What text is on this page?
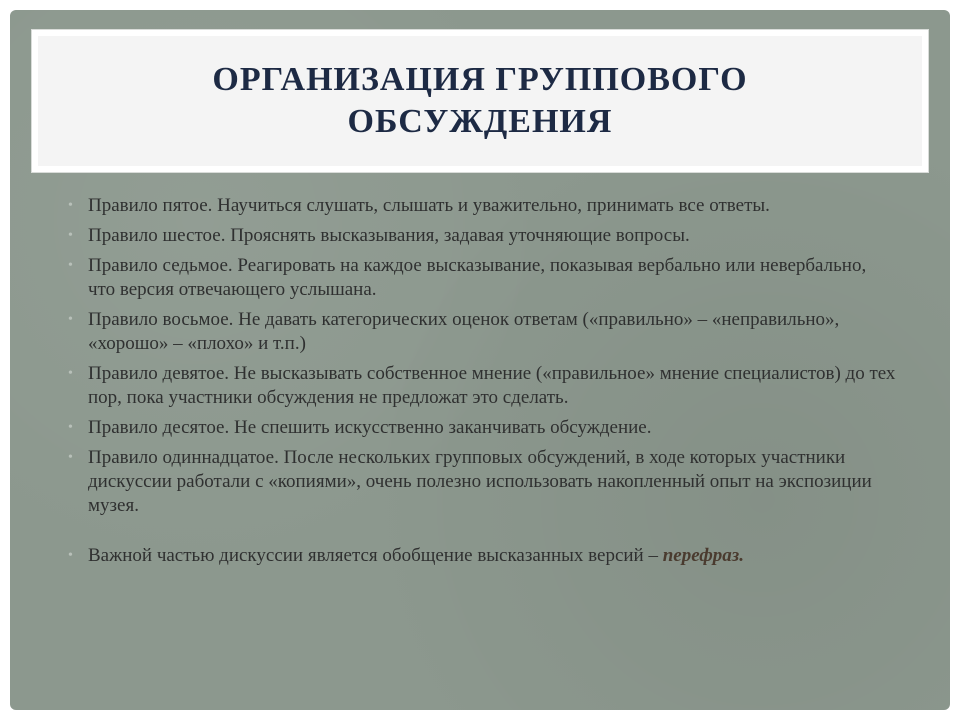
ОРГАНИЗАЦИЯ ГРУППОВОГО ОБСУЖДЕНИЯ
• Правило пятое. Научиться слушать, слышать и уважительно, принимать все ответы.
• Правило шестое. Прояснять высказывания, задавая уточняющие вопросы.
• Правило седьмое. Реагировать на каждое высказывание, показывая вербально или невербально, что версия отвечающего услышана.
• Правило восьмое. Не давать категорических оценок ответам («правильно» – «неправильно», «хорошо» – «плохо» и т.п.)
• Правило девятое. Не высказывать собственное мнение («правильное» мнение специалистов) до тех пор, пока участники обсуждения не предложат это сделать.
• Правило десятое. Не спешить искусственно заканчивать обсуждение.
• Правило одиннадцатое. После нескольких групповых обсуждений, в ходе которых участники дискуссии работали с «копиями», очень полезно использовать накопленный опыт на экспозиции музея.
• Важной частью дискуссии является обобщение высказанных версий – перефраз.
